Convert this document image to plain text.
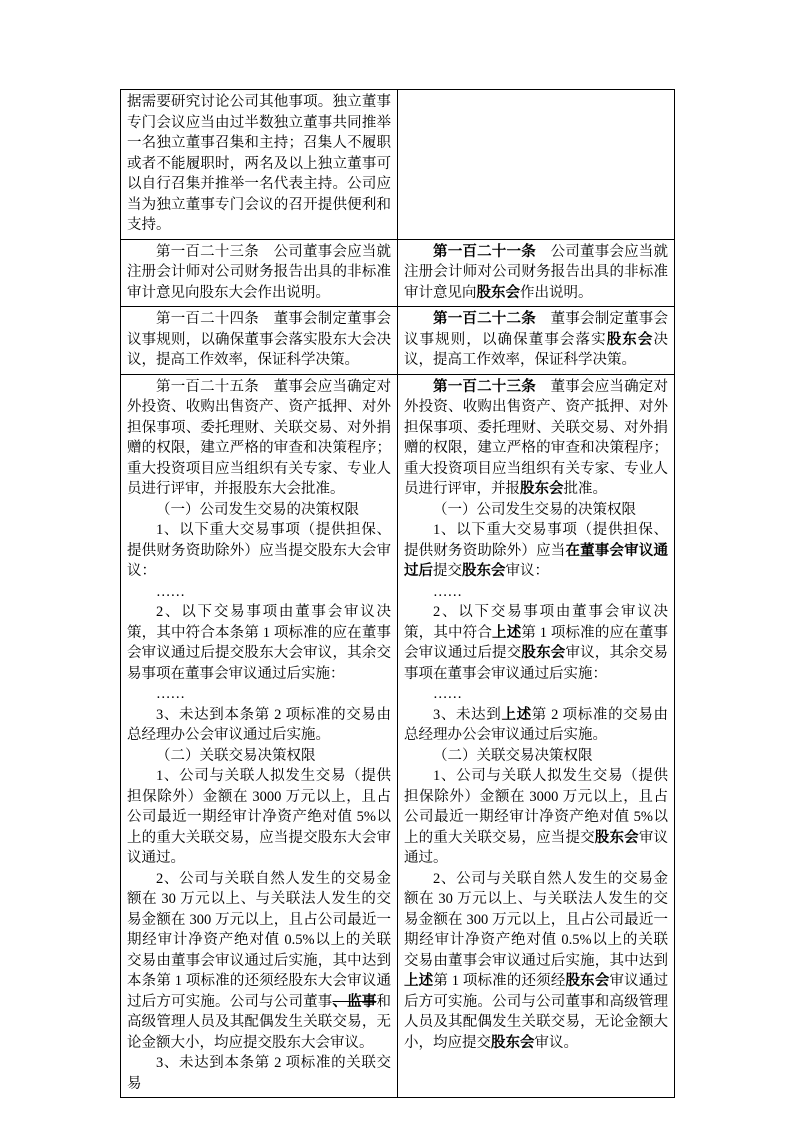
据需要研究讨论公司其他事项。独立董事专门会议应当由过半数独立董事共同推举一名独立董事召集和主持；召集人不履职或者不能履职时，两名及以上独立董事可以自行召集并推举一名代表主持。公司应当为独立董事专门会议的召开提供便利和支持。

第一百二十三条　公司董事会应当就注册会计师对公司财务报告出具的非标准审计意见向股东大会作出说明。

第一百二十一条　公司董事会应当就注册会计师对公司财务报告出具的非标准审计意见向股东会作出说明。

第一百二十四条　董事会制定董事会议事规则，以确保董事会落实股东大会决议，提高工作效率，保证科学决策。

第一百二十二条　董事会制定董事会议事规则，以确保董事会落实股东会决议，提高工作效率，保证科学决策。

第一百二十五条　董事会应当确定对外投资、收购出售资产、资产抵押、对外担保事项、委托理财、关联交易、对外捐赠的权限，建立严格的审查和决策程序；重大投资项目应当组织有关专家、专业人员进行评审，并报股东大会批准。

（一）公司发生交易的决策权限

1、以下重大交易事项（提供担保、提供财务资助除外）应当提交股东大会审议：

……

2、以下交易事项由董事会审议决策，其中符合本条第 1 项标准的应在董事会审议通过后提交股东大会审议，其余交易事项在董事会审议通过后实施：

……

3、未达到本条第 2 项标准的交易由总经理办公会审议通过后实施。

（二）关联交易决策权限

1、公司与关联人拟发生交易（提供担保除外）金额在 3000 万元以上，且占公司最近一期经审计净资产绝对值 5%以上的重大关联交易，应当提交股东大会审议通过。

2、公司与关联自然人发生的交易金额在 30 万元以上、与关联法人发生的交易金额在 300 万元以上，且占公司最近一期经审计净资产绝对值 0.5%以上的关联交易由董事会审议通过后实施，其中达到本条第 1 项标准的还须经股东大会审议通过后方可实施。公司与公司董事、监事和高级管理人员及其配偶发生关联交易，无论金额大小，均应提交股东大会审议。

3、未达到本条第 2 项标准的关联交易

第一百二十三条　董事会应当确定对外投资、收购出售资产、资产抵押、对外担保事项、委托理财、关联交易、对外捐赠的权限，建立严格的审查和决策程序；重大投资项目应当组织有关专家、专业人员进行评审，并报股东会批准。

（一）公司发生交易的决策权限

1、以下重大交易事项（提供担保、提供财务资助除外）应当在董事会审议通过后提交股东会审议：

……

2、以下交易事项由董事会审议决策，其中符合上述第 1 项标准的应在董事会审议通过后提交股东会审议，其余交易事项在董事会审议通过后实施：

……

3、未达到上述第 2 项标准的交易由总经理办公会审议通过后实施。

（二）关联交易决策权限

1、公司与关联人拟发生交易（提供担保除外）金额在 3000 万元以上，且占公司最近一期经审计净资产绝对值 5%以上的重大关联交易，应当提交股东会审议通过。

2、公司与关联自然人发生的交易金额在 30 万元以上、与关联法人发生的交易金额在 300 万元以上，且占公司最近一期经审计净资产绝对值 0.5%以上的关联交易由董事会审议通过后实施，其中达到上述第 1 项标准的还须经股东会审议通过后方可实施。公司与公司董事和高级管理人员及其配偶发生关联交易，无论金额大小，均应提交股东会审议。
